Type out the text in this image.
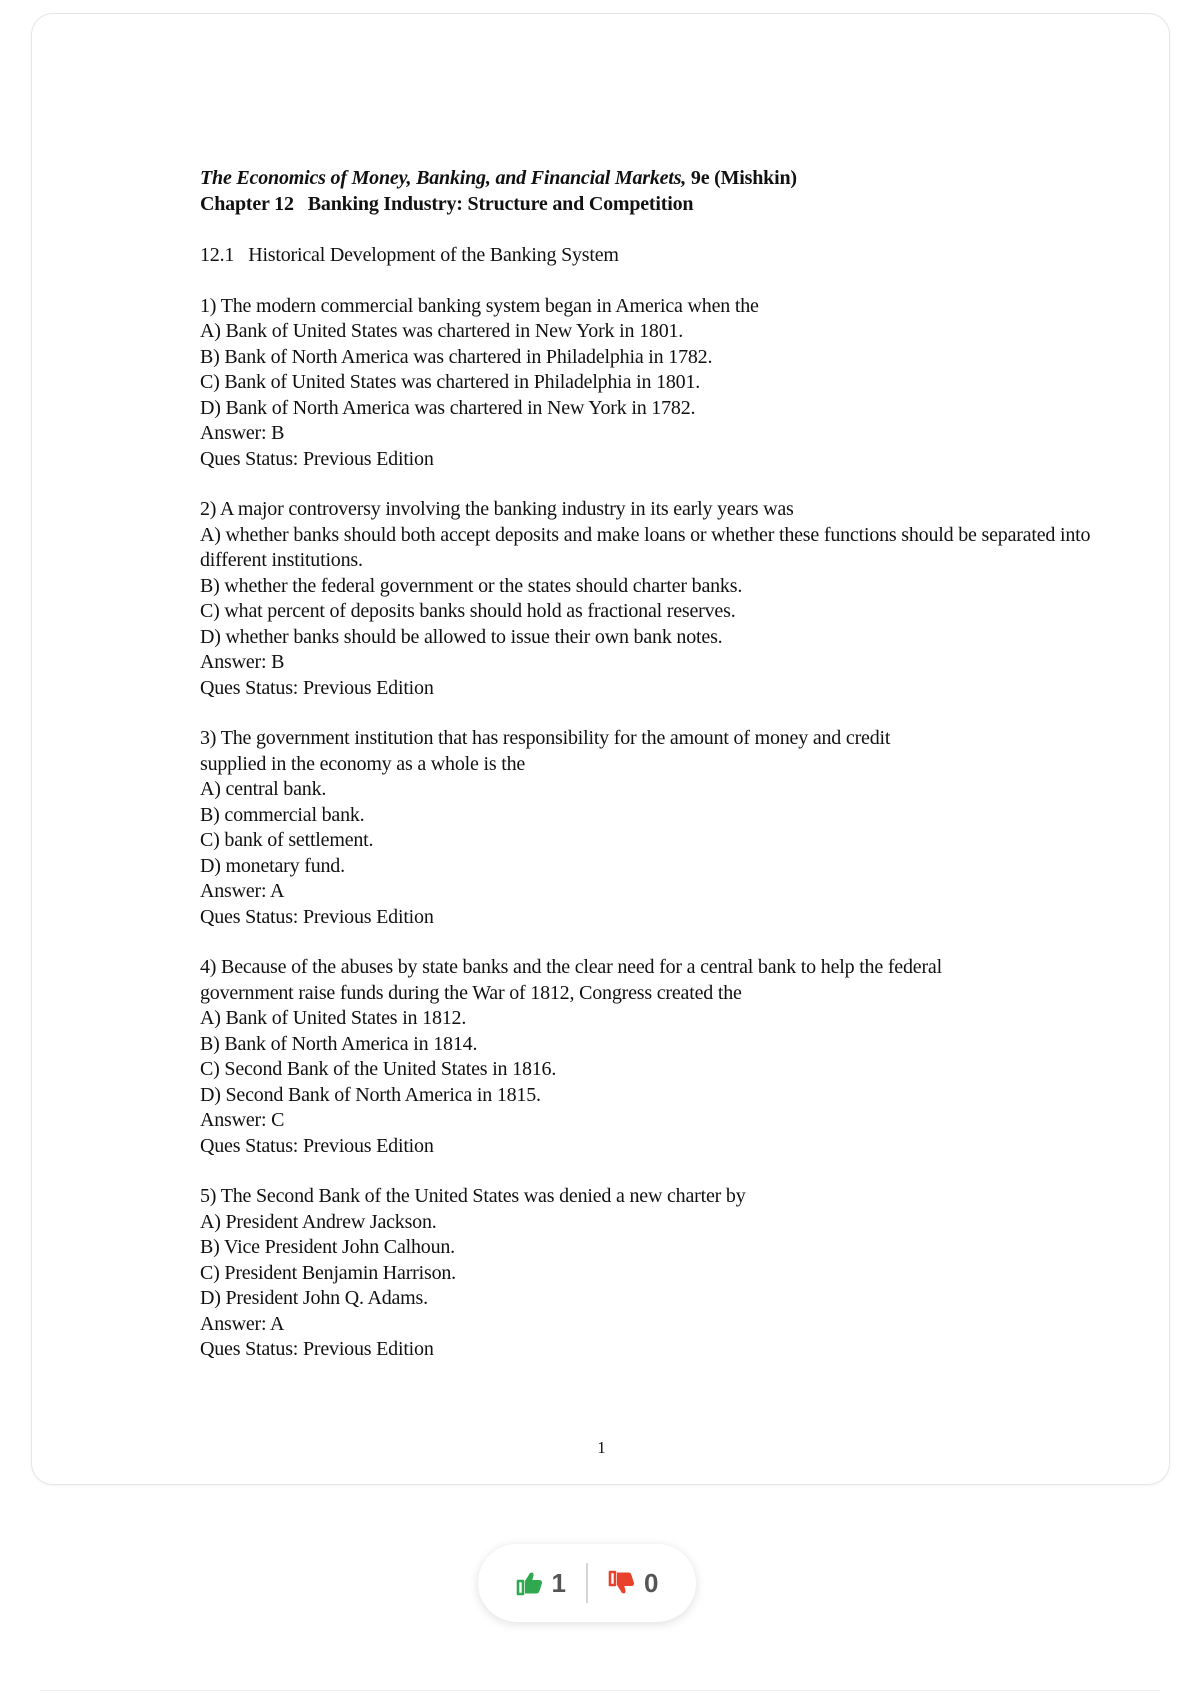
The Economics of Money, Banking, and Financial Markets, 9e (Mishkin)
Chapter 12 Banking Industry: Structure and Competition
12.1 Historical Development of the Banking System
1) The modern commercial banking system began in America when the
A) Bank of United States was chartered in New York in 1801.
B) Bank of North America was chartered in Philadelphia in 1782.
C) Bank of United States was chartered in Philadelphia in 1801.
D) Bank of North America was chartered in New York in 1782.
Answer: B
Ques Status: Previous Edition
2) A major controversy involving the banking industry in its early years was
A) whether banks should both accept deposits and make loans or whether these functions should be separated into different institutions.
B) whether the federal government or the states should charter banks.
C) what percent of deposits banks should hold as fractional reserves.
D) whether banks should be allowed to issue their own bank notes.
Answer: B
Ques Status: Previous Edition
3) The government institution that has responsibility for the amount of money and credit
supplied in the economy as a whole is the
A) central bank.
B) commercial bank.
C) bank of settlement.
D) monetary fund.
Answer: A
Ques Status: Previous Edition
4) Because of the abuses by state banks and the clear need for a central bank to help the federal
government raise funds during the War of 1812, Congress created the
A) Bank of United States in 1812.
B) Bank of North America in 1814.
C) Second Bank of the United States in 1816.
D) Second Bank of North America in 1815.
Answer: C
Ques Status: Previous Edition
5) The Second Bank of the United States was denied a new charter by
A) President Andrew Jackson.
B) Vice President John Calhoun.
C) President Benjamin Harrison.
D) President John Q. Adams.
Answer: A
Ques Status: Previous Edition
1
1	0
